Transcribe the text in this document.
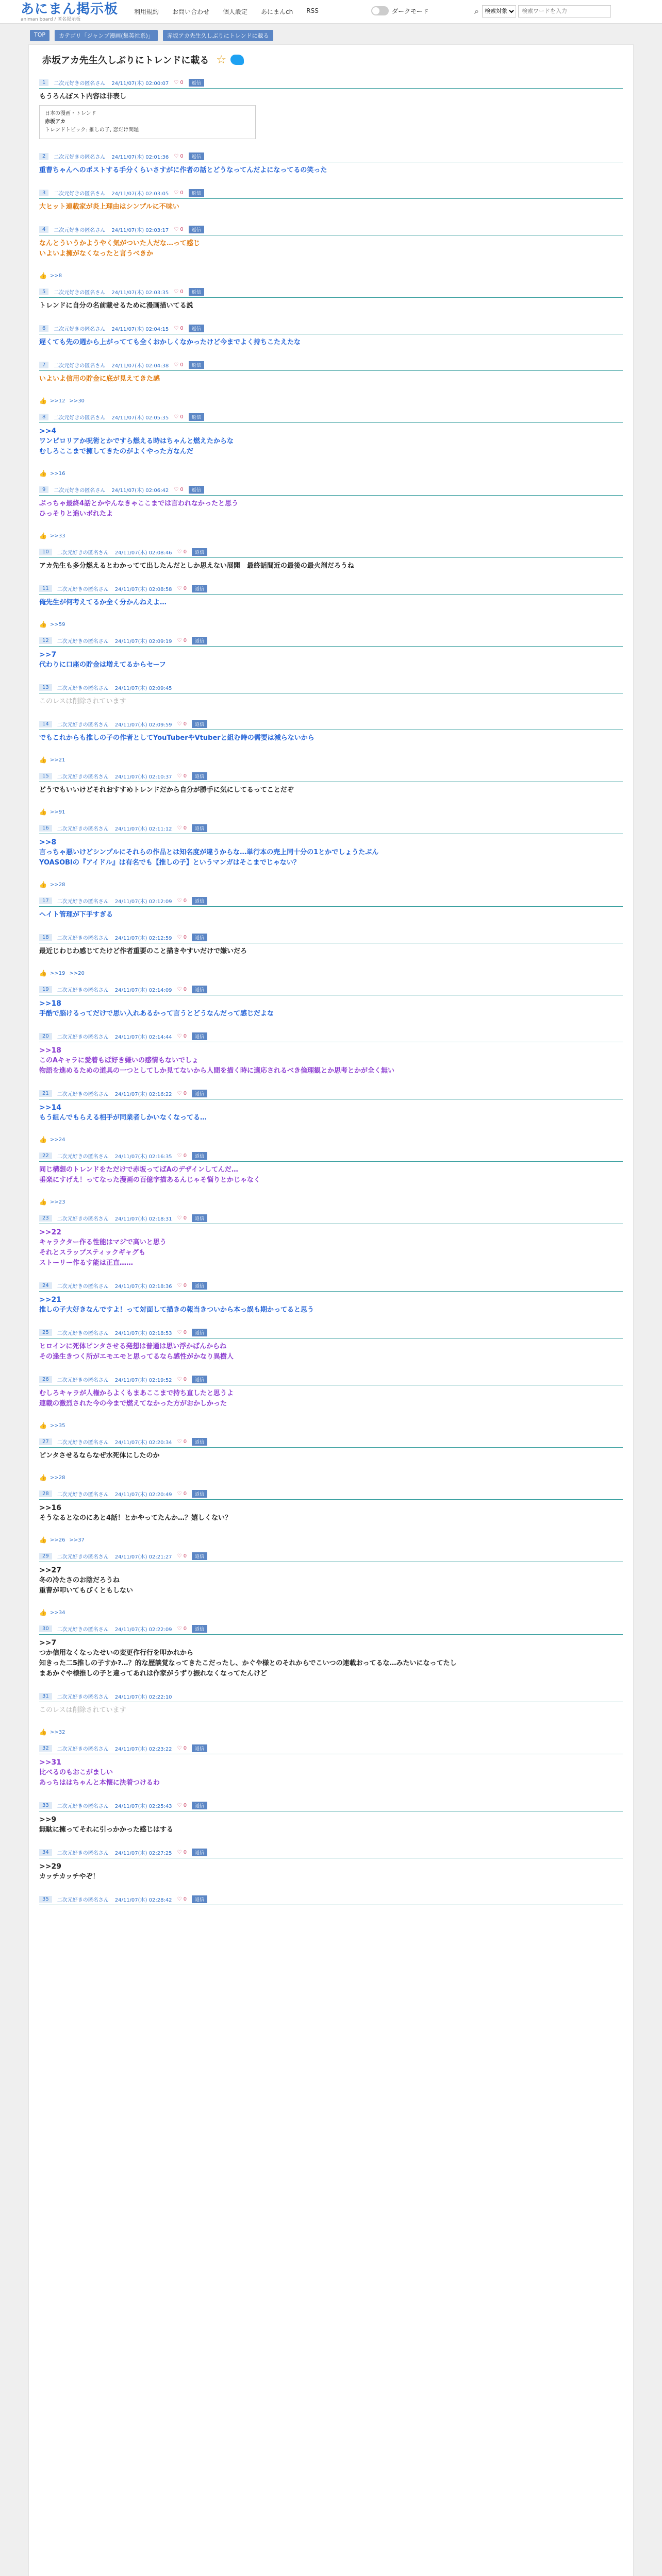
あにまん掲示板
animan board / 匿名掲示板
利用規約 お問い合わせ 個人設定 あにまんch RSS	ダークモード	⌕
検索対象
検索ワードを入力
TOP	カテゴリ「ジャンプ漫画(集英社系)」	赤坂アカ先生久しぶりにトレンドに載る
赤坂アカ先生久しぶりにトレンドに載る ☆
1	二次元好きの匿名さん 24/11/07(木) 02:00:07 ♡ 0	返信
もうろんぽスト内容は非表し
日本の漫画・トレンド
赤坂アカ
トレンドトピック: 推しの子, 恋だけ問題
2	二次元好きの匿名さん 24/11/07(木) 02:01:36 ♡ 0	返信
重曹ちゃんへのポストする手分くらいさすがに作者の話とどうなってんだよになってるの笑った
3	二次元好きの匿名さん 24/11/07(木) 02:03:05 ♡ 0	返信
大ヒット連載家が炎上理由はシンプルに不味い
4	二次元好きの匿名さん 24/11/07(木) 02:03:17 ♡ 0	返信
なんとういうかようやく気がついた人だな…って感じ
いよいよ擁がなくなったと言うべきか
👍 >>8
5	二次元好きの匿名さん 24/11/07(木) 02:03:35 ♡ 0	返信
トレンドに自分の名前載せるために漫画描いてる説
6	二次元好きの匿名さん 24/11/07(木) 02:04:15 ♡ 0	返信
遅くても先の週から上がってても全くおかしくなかったけど今までよく持ちこたえたな
7	二次元好きの匿名さん 24/11/07(木) 02:04:38 ♡ 0	返信
いよいよ信用の貯金に底が見えてきた感
👍 >>12 >>30
8	二次元好きの匿名さん 24/11/07(木) 02:05:35 ♡ 0	返信
>>4
ワンピロリアか呪術とかですら燃える時はちゃんと燃えたからな
むしろここまで擁してきたのがよくやった方なんだ
👍 >>16
9	二次元好きの匿名さん 24/11/07(木) 02:06:42 ♡ 0	返信
ぶっちゃ最終4話とかやんなきゃここまでは言われなかったと思う
ひっそりと追いボれたよ
👍 >>33
10	二次元好きの匿名さん 24/11/07(木) 02:08:46 ♡ 0	返信
アカ先生も多分燃えるとわかってて出したんだとしか思えない展開　最終話間近の最後の最火剤だろうね
11	二次元好きの匿名さん 24/11/07(木) 02:08:58 ♡ 0	返信
俺先生が何考えてるか全く分かんねえよ…
👍 >>59
12	二次元好きの匿名さん 24/11/07(木) 02:09:19 ♡ 0	返信
>>7
代わりに口座の貯金は増えてるからセーフ
13	二次元好きの匿名さん 24/11/07(木) 02:09:45
このレスは削除されています
14	二次元好きの匿名さん 24/11/07(木) 02:09:59 ♡ 0	返信
でもこれからも推しの子の作者としてYouTuberやVtuberと組む時の需要は減らないから
👍 >>21
15	二次元好きの匿名さん 24/11/07(木) 02:10:37 ♡ 0	返信
どうでもいいけどそれおすすめトレンドだから自分が勝手に気にしてるってことだぞ
👍 >>91
16	二次元好きの匿名さん 24/11/07(木) 02:11:12 ♡ 0	返信
>>8
言っちゃ悪いけどシンプルにそれらの作品とは知名度が違うからな…単行本の売上同十分の1とかでしょうたぶん
YOASOBIの『アイドル』は有名でも【推しの子】というマンガはそこまでじゃない？
👍 >>28
17	二次元好きの匿名さん 24/11/07(木) 02:12:09 ♡ 0	返信
ヘイト管理が下手すぎる
18	二次元好きの匿名さん 24/11/07(木) 02:12:59 ♡ 0	返信
最近じわじわ感じてたけど作者重要のこと描きやすいだけで嫌いだろ
👍 >>19 >>20
19	二次元好きの匿名さん 24/11/07(木) 02:14:09 ♡ 0	返信
>>18
手酷で脳けるってだけで思い入れあるかって言うとどうなんだって感じだよな
20	二次元好きの匿名さん 24/11/07(木) 02:14:44 ♡ 0	返信
>>18
このAキャラに愛着もぱ好き嫌いの感情もないでしょ
物語を進めるための道具の一つとしてしか見てないから人間を描く時に適応されるべき倫理観とか思考とかが全く無い
21	二次元好きの匿名さん 24/11/07(木) 02:16:22 ♡ 0	返信
>>14
もう組んでもらえる相手が同業者しかいなくなってる…
👍 >>24
22	二次元好きの匿名さん 24/11/07(木) 02:16:35 ♡ 0	返信
同じ構想のトレンドをただけで赤坂ってばAのデザインしてんだ…
垂楽にすげえ！ってなった漫画の百億字描あるんじゃそ悩りとかじゃなく
👍 >>23
23	二次元好きの匿名さん 24/11/07(木) 02:18:31 ♡ 0	返信
>>22
キャラクター作る性能はマジで高いと思う
それとスラップスティックギャグも
ストーリー作るす能は正直……
24	二次元好きの匿名さん 24/11/07(木) 02:18:36 ♡ 0	返信
>>21
推しの子大好きなんですよ！って対面して描きの報当きついから本っ誤も期かってると思う
25	二次元好きの匿名さん 24/11/07(木) 02:18:53 ♡ 0	返信
ヒロインに死体ピンタさせる発想は普通は思い浮かばんからね
その逢生きつく所がエモエモと思ってるなら感性がかなり異樹人
26	二次元好きの匿名さん 24/11/07(木) 02:19:52 ♡ 0	返信
むしろキャラが人権からよくもまあここまで持ち直したと思うよ
連載の激烈された今の今まで燃えてなかった方がおかしかった
👍 >>35
27	二次元好きの匿名さん 24/11/07(木) 02:20:34 ♡ 0	返信
ピンタさせるならなぜ水死体にしたのか
👍 >>28
28	二次元好きの匿名さん 24/11/07(木) 02:20:49 ♡ 0	返信
>>16
そうなるとなのにあと4話！とかやってたんか…？嬉しくない？
👍 >>26 >>37
29	二次元好きの匿名さん 24/11/07(木) 02:21:27 ♡ 0	返信
>>27
冬の冷たさのお陰だろうね
重曹が叩いてもびくともしない
👍 >>34
30	二次元好きの匿名さん 24/11/07(木) 02:22:09 ♡ 0	返信
>>7
つか信用なくなったせいの変更作行行を叩かれから
知きった二5推しの子すか?…？的な歴談覚なってきたこだったし、かぐや様とのそれからでこいつの連載おってるな…みたいになってたし
まあかぐや様推しの子と違ってあれは作家がうずり振れなくなってたんけど
31	二次元好きの匿名さん 24/11/07(木) 02:22:10
このレスは削除されています
👍 >>32
32	二次元好きの匿名さん 24/11/07(木) 02:23:22 ♡ 0	返信
>>31
比べるのもおこがましい
あっちははちゃんと本懐に決着つけるわ
33	二次元好きの匿名さん 24/11/07(木) 02:25:43 ♡ 0	返信
>>9
無駄に擁ってそれに引っかかった感じはする
34	二次元好きの匿名さん 24/11/07(木) 02:27:25 ♡ 0	返信
>>29
カッチカッチやぞ！
35	二次元好きの匿名さん 24/11/07(木) 02:28:42 ♡ 0	返信
